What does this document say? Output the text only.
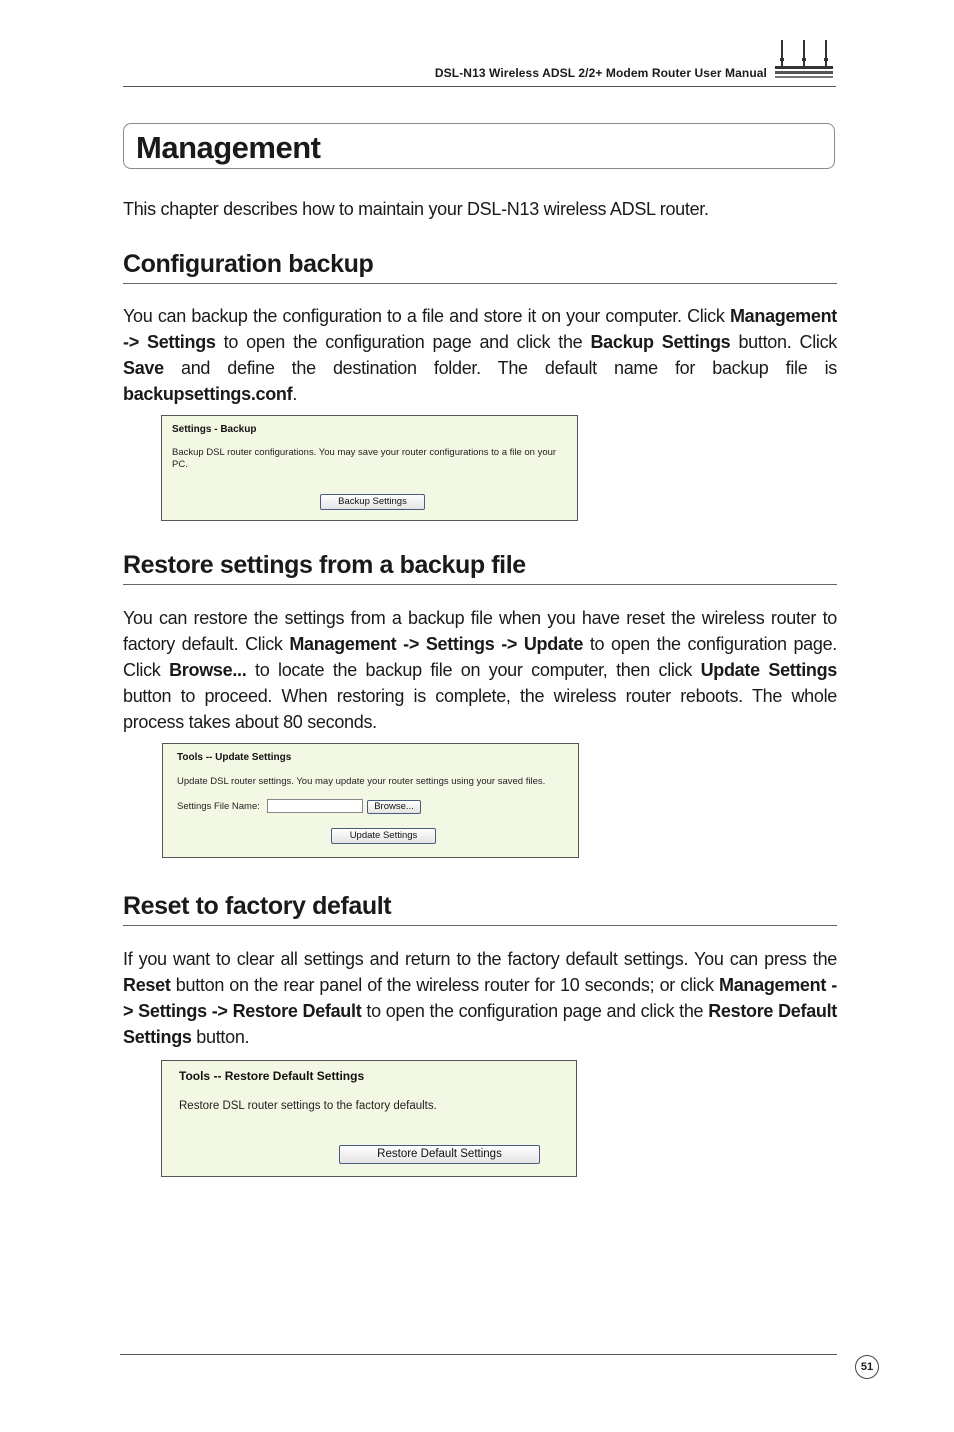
DSL-N13 Wireless ADSL 2/2+ Modem Router User Manual
Management

This chapter describes how to maintain your DSL-N13 wireless ADSL router.

Configuration backup

You can backup the configuration to a file and store it on your computer. Click Management -> Settings to open the configuration page and click the Backup Settings button. Click Save and define the destination folder. The default name for backup file is backupsettings.conf.

Settings - Backup
Backup DSL router configurations. You may save your router configurations to a file on your PC.
Backup Settings
Restore settings from a backup file

You can restore the settings from a backup file when you have reset the wireless router to factory default. Click Management -> Settings -> Update to open the configuration page. Click Browse... to locate the backup file on your computer, then click Update Settings button to proceed. When restoring is complete, the wireless router reboots. The whole process takes about 80 seconds.

Tools -- Update Settings
Update DSL router settings. You may update your router settings using your saved files.
Settings File Name:	Browse...
Update Settings
Reset to factory default

If you want to clear all settings and return to the factory default settings. You can press the Reset button on the rear panel of the wireless router for 10 seconds; or click Management -> Settings -> Restore Default to open the configuration page and click the Restore Default Settings button.

Tools -- Restore Default Settings
Restore DSL router settings to the factory defaults.
Restore Default Settings
51
